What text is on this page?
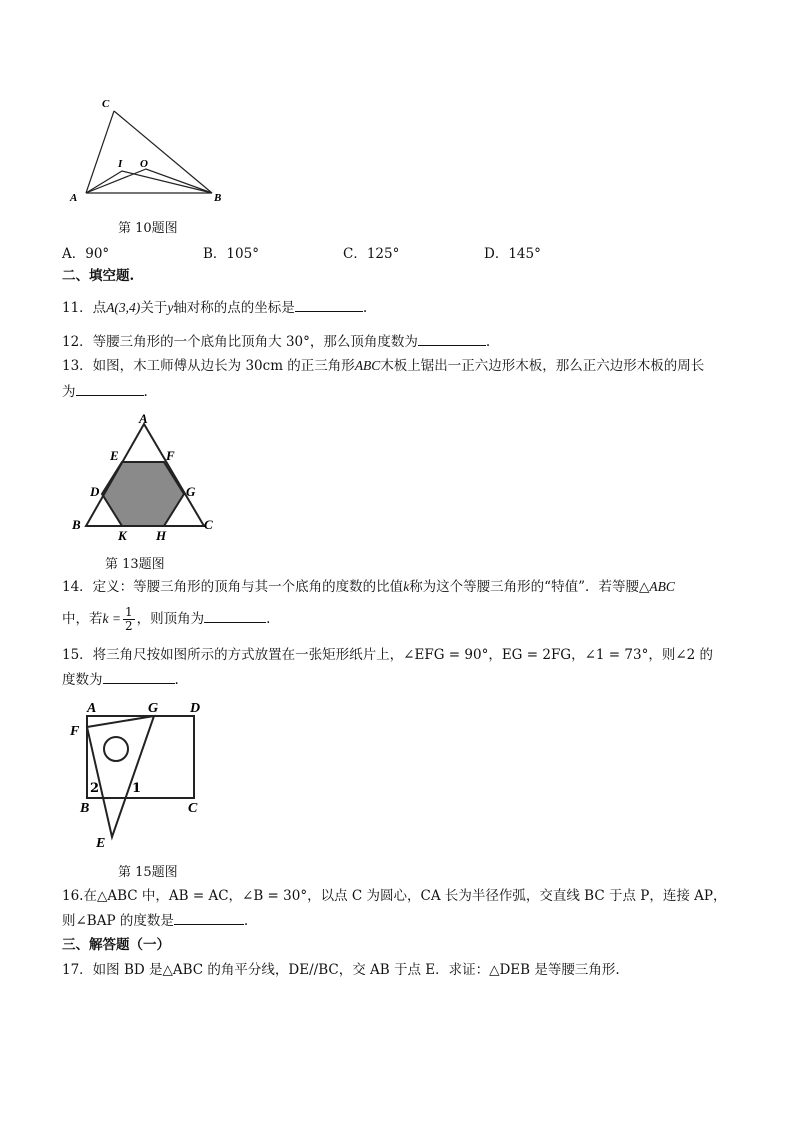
C
I O
A	B
第 10题图
A．90°	B．105°	C．125°	D．145°
二、填空题.
11．点A(3,4)关于y轴对称的点的坐标是	.
12．等腰三角形的一个底角比顶角大 30°，那么顶角度数为	.
13．如图，木工师傅从边长为 30cm 的正三角形ABC木板上锯出一正六边形木板，那么正六边形木板的周长
为	.
A
E	F
D	G
B
K H
C
第 13题图
14．定义：等腰三角形的顶角与其一个底角的度数的比值k称为这个等腰三角形的“特值”．若等腰△ABC
中，若$k = \frac{1}{2}$ ，则顶角为	.
15．将三角尺按如图所示的方式放置在一张矩形纸片上，∠EFG = 90°，EG = 2FG，∠1 = 73°，则∠2 的
度数为	.
A	G D
F
2	1
B	C
E
第 15题图
16.在△ABC 中，AB = AC，∠B = 30°，以点 C 为圆心，CA 长为半径作弧，交直线 BC 于点 P，连接 AP，
则∠BAP 的度数是	.
三、解答题（一）
17．如图 BD 是△ABC 的角平分线，DE//BC，交 AB 于点 E．求证：△DEB 是等腰三角形.
